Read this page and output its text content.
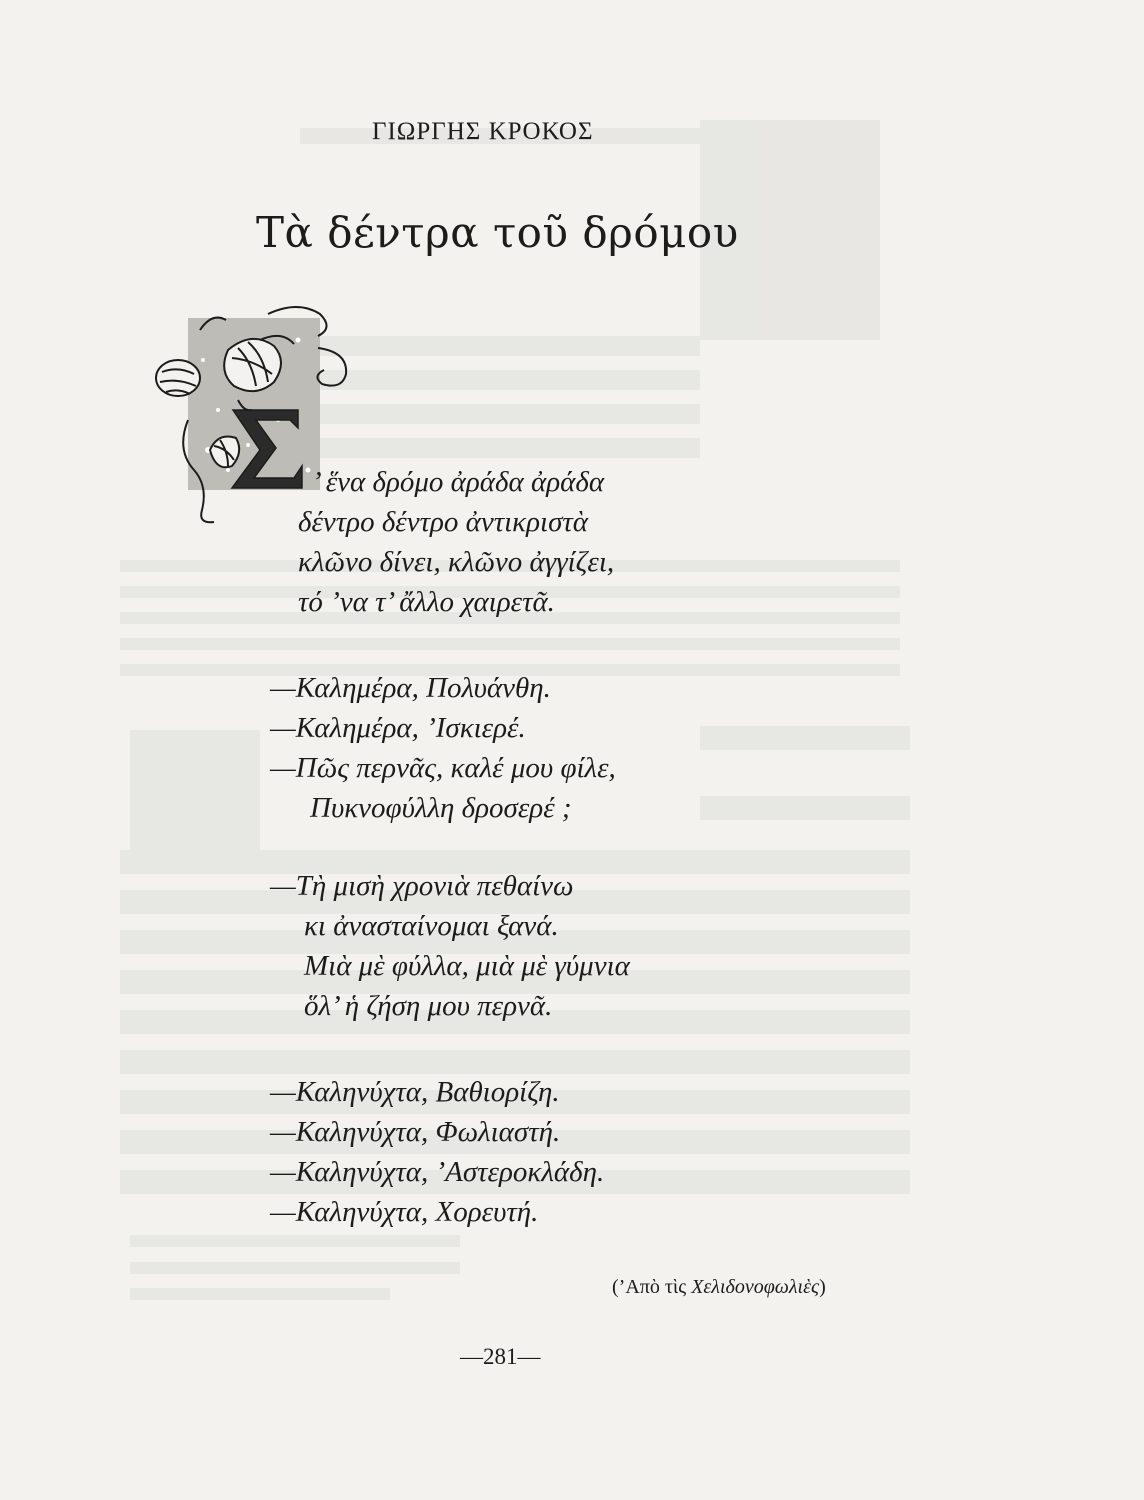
ΓΙΩΡΓΗΣ ΚΡΟΚΟΣ
Τὰ δέντρα τοῦ δρόμου
’ ἕνα δρόμο ἀράδα ἀράδα
δέντρο δέντρο ἀντικριστὰ
κλῶνο δίνει, κλῶνο ἀγγίζει,
τό ’να τ’ ἄλλο χαιρετᾶ.
—Καλημέρα, Πολυάνθη.
—Καλημέρα, ’Ισκιερέ.
—Πῶς περνᾶς, καλέ μου φίλε,
Πυκνοφύλλη δροσερέ ;
—Τὴ μισὴ χρονιὰ πεθαίνω
κι ἀνασταίνομαι ξανά.
Μιὰ μὲ φύλλα, μιὰ μὲ γύμνια
ὅλ’ ἡ ζήση μου περνᾶ.
—Καληνύχτα, Βαθιορίζη.
—Καληνύχτα, Φωλιαστή.
—Καληνύχτα, ’Αστεροκλάδη.
—Καληνύχτα, Χορευτή.
(’Απὸ τὶς Χελιδονοφωλιὲς)
—281—
